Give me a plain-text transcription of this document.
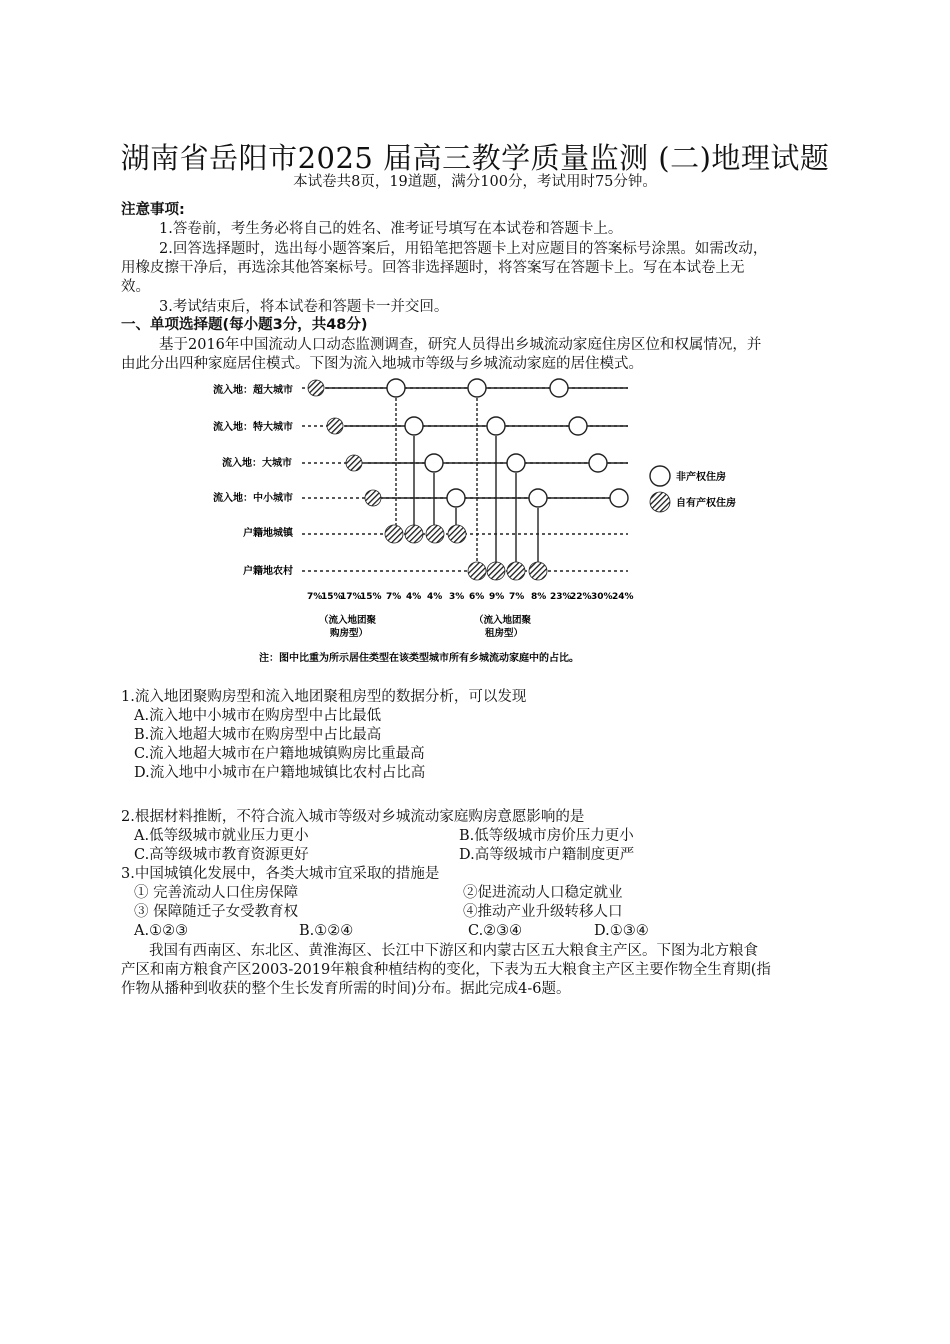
湖南省岳阳市2025 届高三教学质量监测 (二)地理试题
本试卷共8页，19道题，满分100分，考试用时75分钟。
注意事项:
1.答卷前，考生务必将自己的姓名、准考证号填写在本试卷和答题卡上。
2.回答选择题时，选出每小题答案后，用铅笔把答题卡上对应题目的答案标号涂黑。如需改动，
用橡皮擦干净后，再选涂其他答案标号。回答非选择题时，将答案写在答题卡上。写在本试卷上无
效。
3.考试结束后，将本试卷和答题卡一并交回。
一、单项选择题(每小题3分，共48分)
基于2016年中国流动人口动态监测调查，研究人员得出乡城流动家庭住房区位和权属情况，并
由此分出四种家庭居住模式。下图为流入地城市等级与乡城流动家庭的居住模式。
流入地：超大城市
流入地：特大城市
流入地：大城市
流入地：中小城市
户籍地城镇
户籍地农村
非产权住房
自有产权住房
7%
15%
17%
15% 7% 4% 4% 3% 6% 9% 7% 8% 23%
22% 30% 24%
（流入地团聚
购房型）
（流入地团聚
租房型）
注：图中比重为所示居住类型在该类型城市所有乡城流动家庭中的占比。
1.流入地团聚购房型和流入地团聚租房型的数据分析，可以发现
A.流入地中小城市在购房型中占比最低
B.流入地超大城市在购房型中占比最高
C.流入地超大城市在户籍地城镇购房比重最高
D.流入地中小城市在户籍地城镇比农村占比高
2.根据材料推断，不符合流入城市等级对乡城流动家庭购房意愿影响的是
A.低等级城市就业压力更小	B.低等级城市房价压力更小
C.高等级城市教育资源更好	D.高等级城市户籍制度更严
3.中国城镇化发展中，各类大城市宜采取的措施是
① 完善流动人口住房保障	②促进流动人口稳定就业
③ 保障随迁子女受教育权	④推动产业升级转移人口
A.①②③	B.①②④	C.②③④	D.①③④
我国有西南区、东北区、黄淮海区、长江中下游区和内蒙古区五大粮食主产区。下图为北方粮食
产区和南方粮食产区2003-2019年粮食种植结构的变化，下表为五大粮食主产区主要作物全生育期(指
作物从播种到收获的整个生长发育所需的时间)分布。据此完成4-6题。
